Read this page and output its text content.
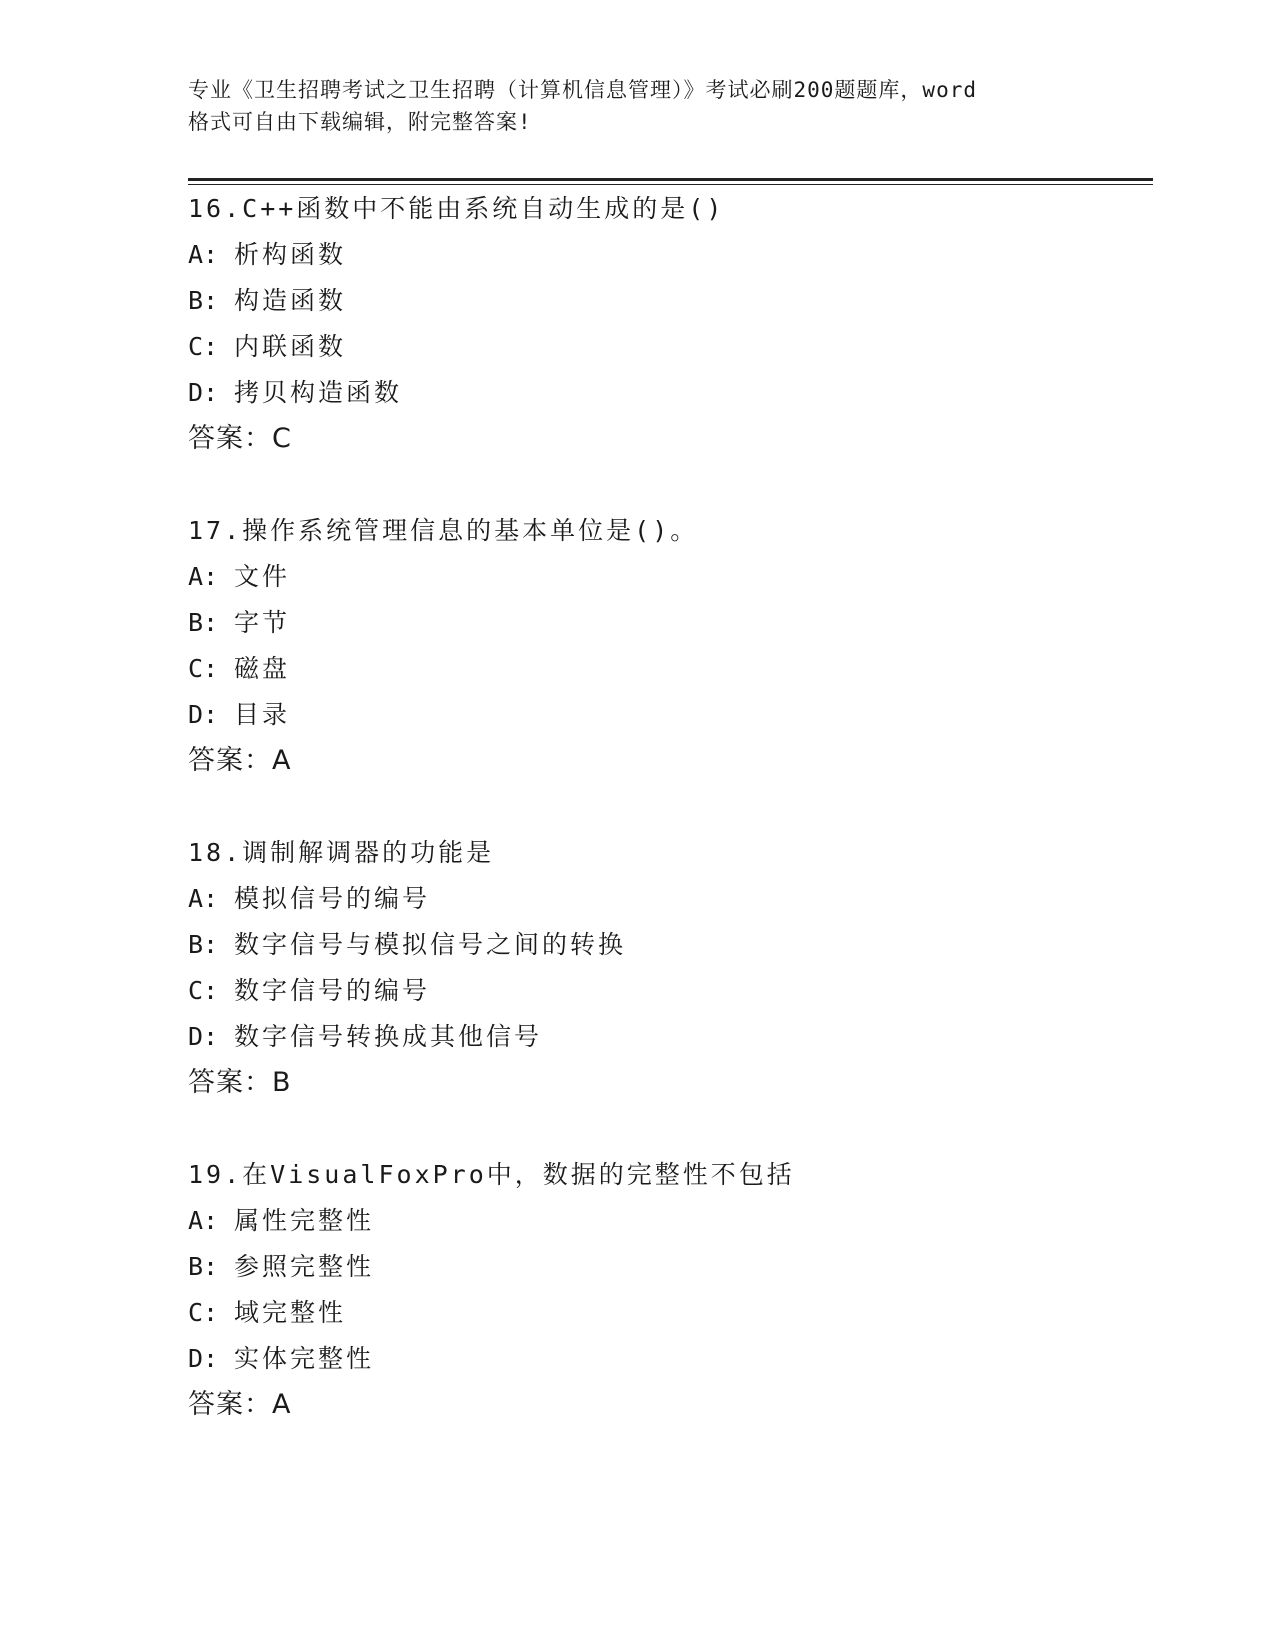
专业《卫生招聘考试之卫生招聘（计算机信息管理）》考试必刷200题题库，word
格式可自由下载编辑，附完整答案!
16.C++函数中不能由系统自动生成的是()
A: 析构函数
B: 构造函数
C: 内联函数
D: 拷贝构造函数
答案：C
17.操作系统管理信息的基本单位是()。
A: 文件
B: 字节
C: 磁盘
D: 目录
答案：A
18.调制解调器的功能是
A: 模拟信号的编号
B: 数字信号与模拟信号之间的转换
C: 数字信号的编号
D: 数字信号转换成其他信号
答案：B
19.在VisualFoxPro中，数据的完整性不包括
A: 属性完整性
B: 参照完整性
C: 域完整性
D: 实体完整性
答案：A
